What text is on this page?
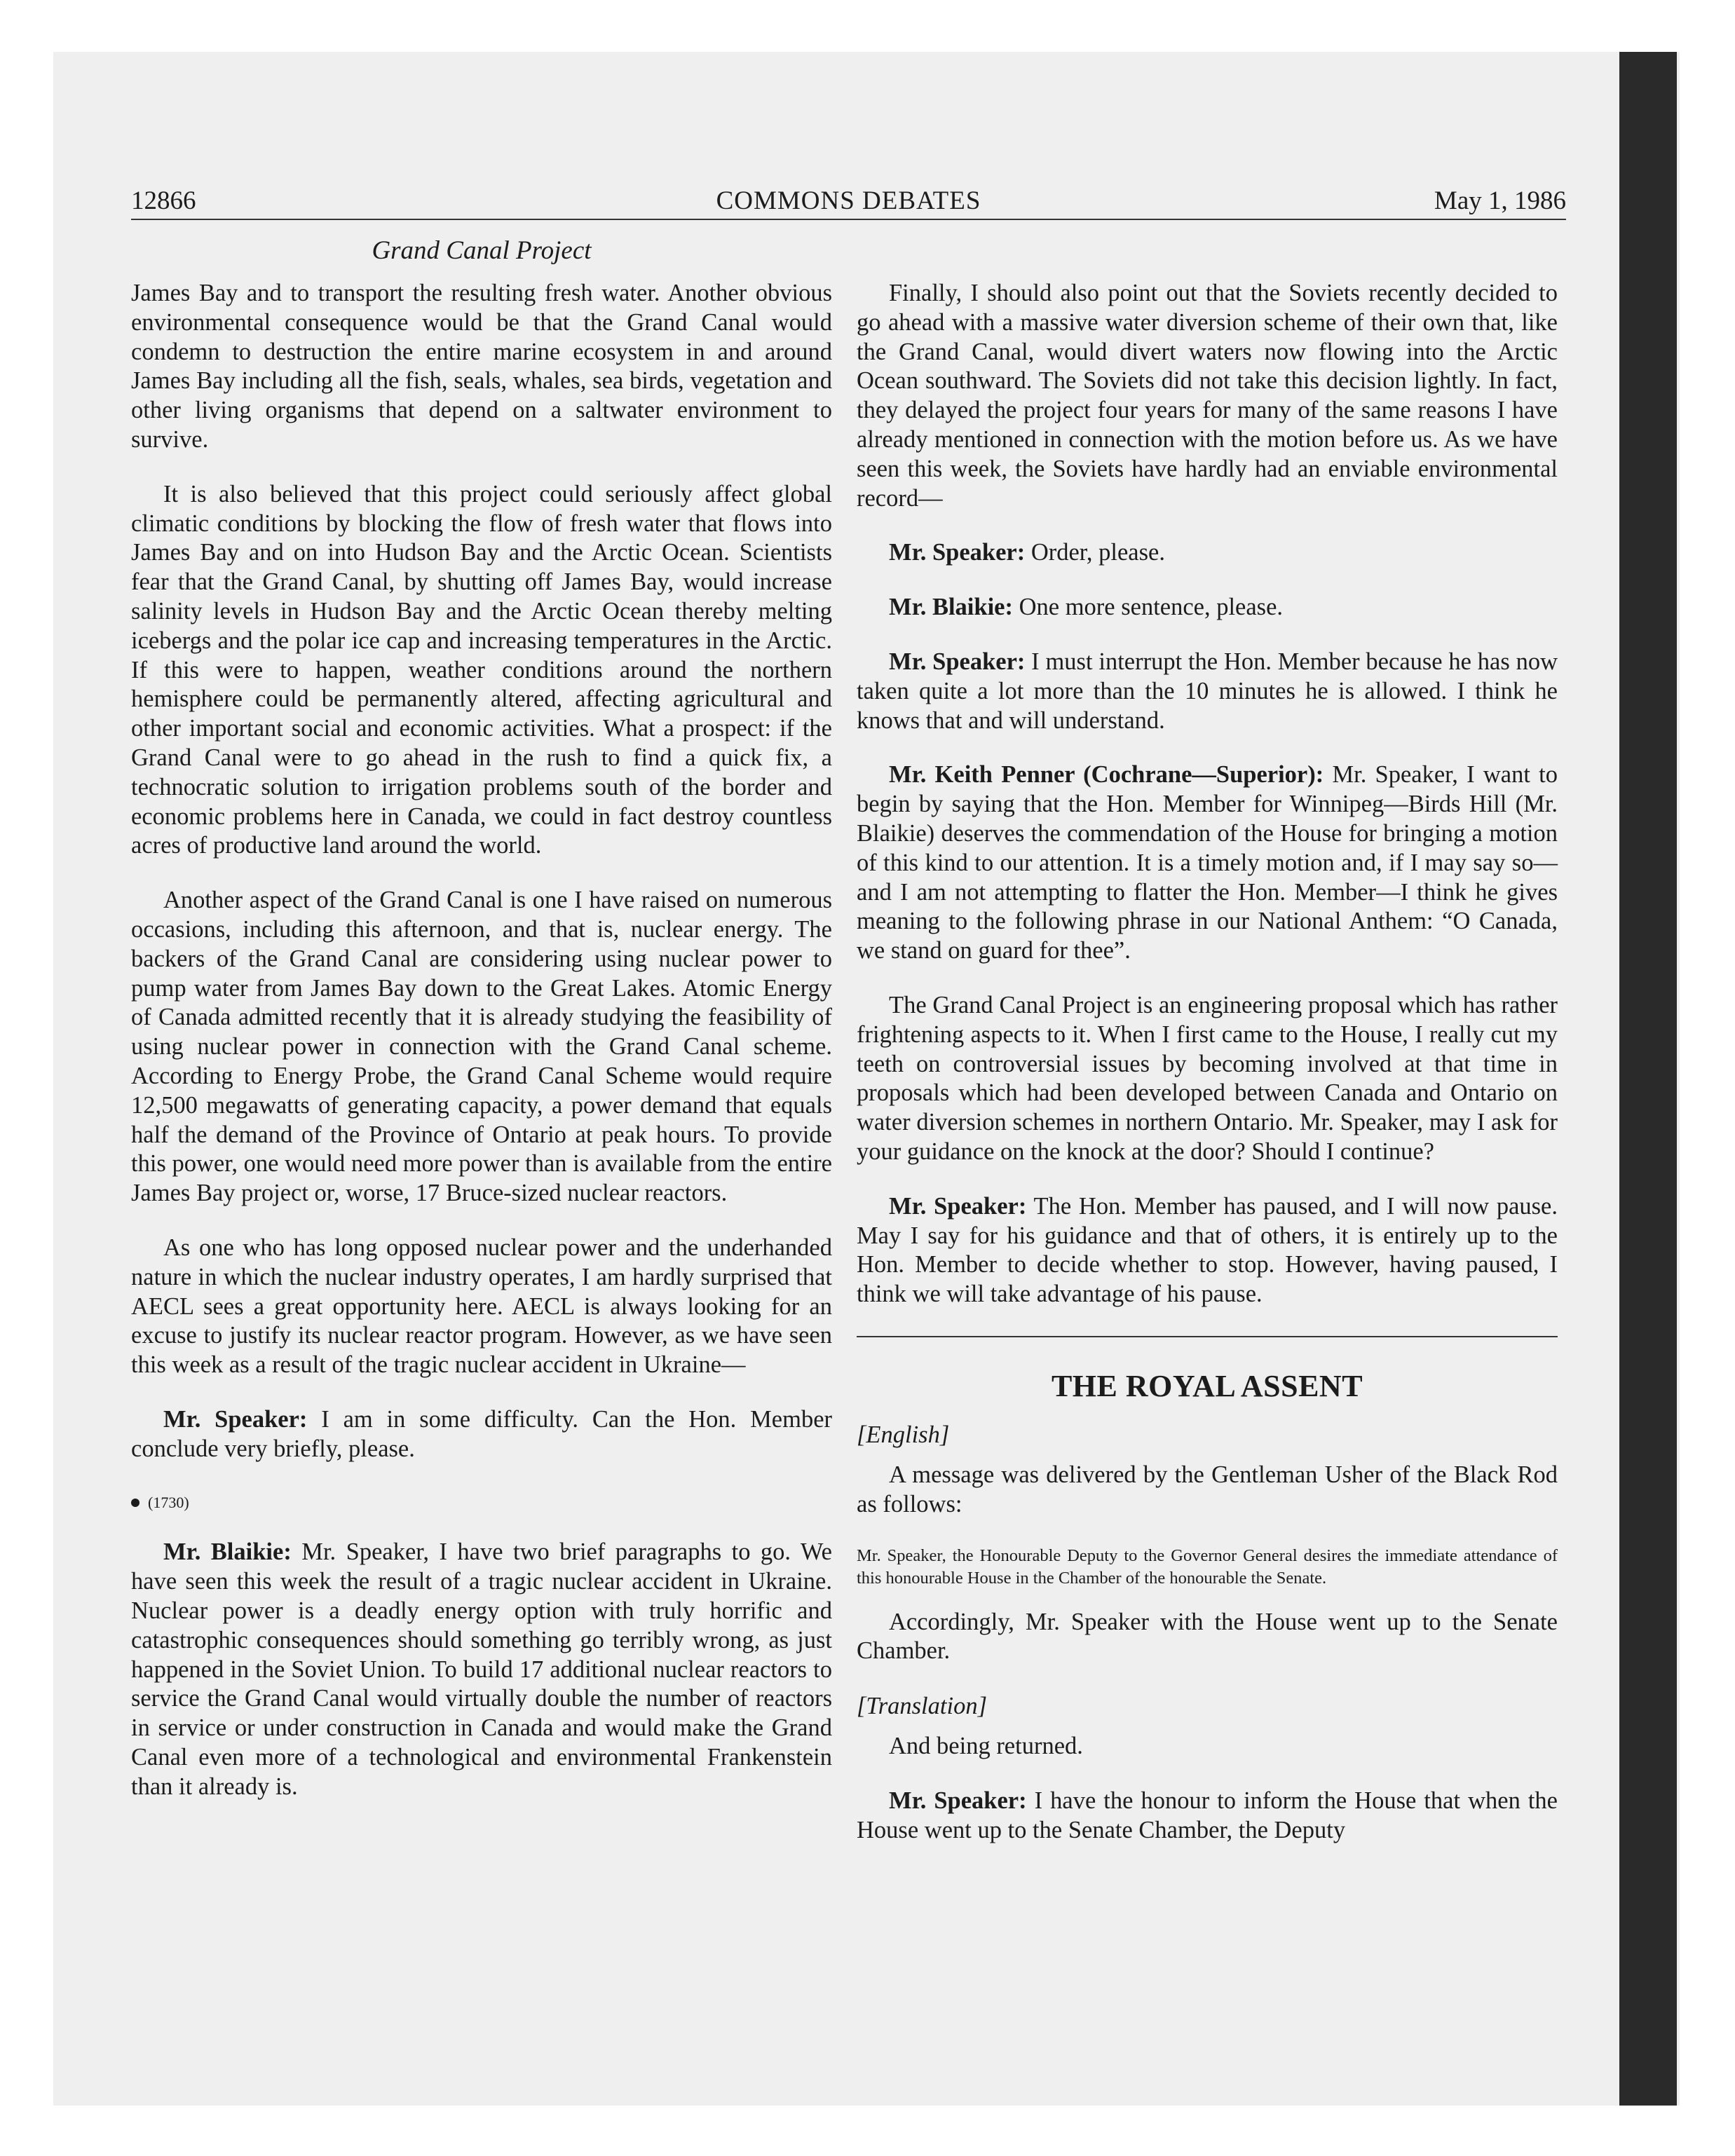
12866	COMMONS DEBATES	May 1, 1986
Grand Canal Project

James Bay and to transport the resulting fresh water. Another obvious environmental consequence would be that the Grand Canal would condemn to destruction the entire marine ecosystem in and around James Bay including all the fish, seals, whales, sea birds, vegetation and other living organisms that depend on a saltwater environment to survive.

It is also believed that this project could seriously affect global climatic conditions by blocking the flow of fresh water that flows into James Bay and on into Hudson Bay and the Arctic Ocean. Scientists fear that the Grand Canal, by shutting off James Bay, would increase salinity levels in Hudson Bay and the Arctic Ocean thereby melting icebergs and the polar ice cap and increasing temperatures in the Arctic. If this were to happen, weather conditions around the northern hemisphere could be permanently altered, affecting agricultural and other important social and economic activities. What a prospect: if the Grand Canal were to go ahead in the rush to find a quick fix, a technocratic solution to irrigation problems south of the border and economic problems here in Canada, we could in fact destroy countless acres of productive land around the world.

Another aspect of the Grand Canal is one I have raised on numerous occasions, including this afternoon, and that is, nuclear energy. The backers of the Grand Canal are considering using nuclear power to pump water from James Bay down to the Great Lakes. Atomic Energy of Canada admitted recently that it is already studying the feasibility of using nuclear power in connection with the Grand Canal scheme. According to Energy Probe, the Grand Canal Scheme would require 12,500 megawatts of generating capacity, a power demand that equals half the demand of the Province of Ontario at peak hours. To provide this power, one would need more power than is available from the entire James Bay project or, worse, 17 Bruce-sized nuclear reactors.

As one who has long opposed nuclear power and the underhanded nature in which the nuclear industry operates, I am hardly surprised that AECL sees a great opportunity here. AECL is always looking for an excuse to justify its nuclear reactor program. However, as we have seen this week as a result of the tragic nuclear accident in Ukraine—

Mr. Speaker: I am in some difficulty. Can the Hon. Member conclude very briefly, please.

(1730)

Mr. Blaikie: Mr. Speaker, I have two brief paragraphs to go. We have seen this week the result of a tragic nuclear accident in Ukraine. Nuclear power is a deadly energy option with truly horrific and catastrophic consequences should something go terribly wrong, as just happened in the Soviet Union. To build 17 additional nuclear reactors to service the Grand Canal would virtually double the number of reactors in service or under construction in Canada and would make the Grand Canal even more of a technological and environmental Frankenstein than it already is.

Finally, I should also point out that the Soviets recently decided to go ahead with a massive water diversion scheme of their own that, like the Grand Canal, would divert waters now flowing into the Arctic Ocean southward. The Soviets did not take this decision lightly. In fact, they delayed the project four years for many of the same reasons I have already mentioned in connection with the motion before us. As we have seen this week, the Soviets have hardly had an enviable environmental record—

Mr. Speaker: Order, please.

Mr. Blaikie: One more sentence, please.

Mr. Speaker: I must interrupt the Hon. Member because he has now taken quite a lot more than the 10 minutes he is allowed. I think he knows that and will understand.

Mr. Keith Penner (Cochrane—Superior): Mr. Speaker, I want to begin by saying that the Hon. Member for Winnipeg—Birds Hill (Mr. Blaikie) deserves the commendation of the House for bringing a motion of this kind to our attention. It is a timely motion and, if I may say so—and I am not attempting to flatter the Hon. Member—I think he gives meaning to the following phrase in our National Anthem: “O Canada, we stand on guard for thee”.

The Grand Canal Project is an engineering proposal which has rather frightening aspects to it. When I first came to the House, I really cut my teeth on controversial issues by becoming involved at that time in proposals which had been developed between Canada and Ontario on water diversion schemes in northern Ontario. Mr. Speaker, may I ask for your guidance on the knock at the door? Should I continue?

Mr. Speaker: The Hon. Member has paused, and I will now pause. May I say for his guidance and that of others, it is entirely up to the Hon. Member to decide whether to stop. However, having paused, I think we will take advantage of his pause.

THE ROYAL ASSENT
[English]

A message was delivered by the Gentleman Usher of the Black Rod as follows:

Mr. Speaker, the Honourable Deputy to the Governor General desires the immediate attendance of this honourable House in the Chamber of the honourable the Senate.

Accordingly, Mr. Speaker with the House went up to the Senate Chamber.

[Translation]

And being returned.

Mr. Speaker: I have the honour to inform the House that when the House went up to the Senate Chamber, the Deputy
